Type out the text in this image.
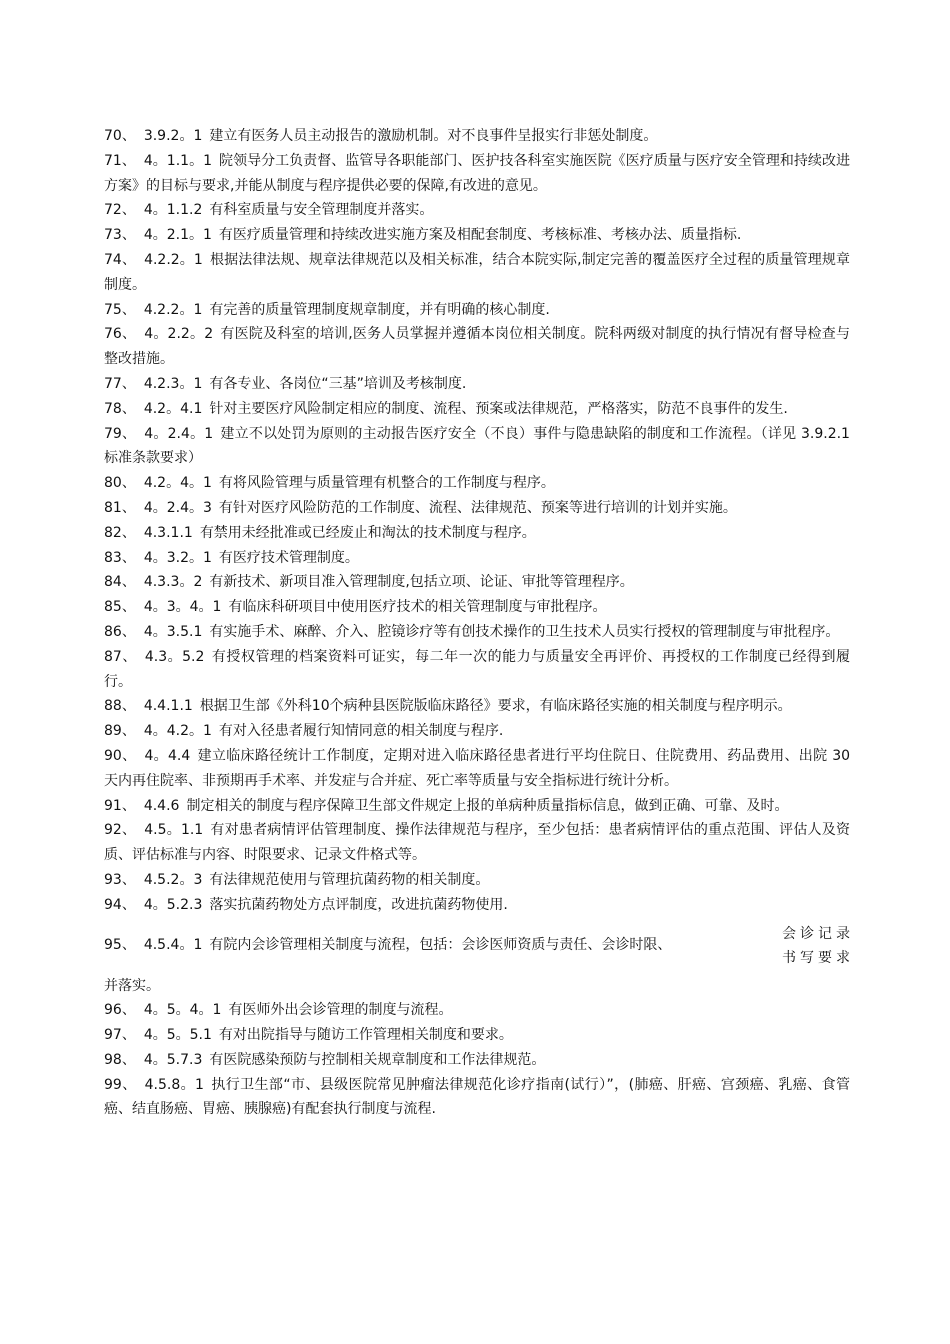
70、 3.9.2。1 建立有医务人员主动报告的激励机制。对不良事件呈报实行非惩处制度。

71、 4。1.1。1 院领导分工负责督、监管导各职能部门、医护技各科室实施医院《医疗质量与医疗安全管理和持续改进方案》的目标与要求,并能从制度与程序提供必要的保障,有改进的意见。

72、 4。1.1.2 有科室质量与安全管理制度并落实。

73、 4。2.1。1 有医疗质量管理和持续改进实施方案及相配套制度、考核标准、考核办法、质量指标.

74、 4.2.2。1 根据法律法规、规章法律规范以及相关标准，结合本院实际,制定完善的覆盖医疗全过程的质量管理规章制度。

75、 4.2.2。1 有完善的质量管理制度规章制度，并有明确的核心制度.

76、 4。2.2。2 有医院及科室的培训,医务人员掌握并遵循本岗位相关制度。院科两级对制度的执行情况有督导检查与整改措施。

77、 4.2.3。1 有各专业、各岗位“三基”培训及考核制度.

78、 4.2。4.1 针对主要医疗风险制定相应的制度、流程、预案或法律规范，严格落实，防范不良事件的发生.

79、 4。2.4。1 建立不以处罚为原则的主动报告医疗安全（不良）事件与隐患缺陷的制度和工作流程。（详见 3.9.2.1 标准条款要求）

80、 4.2。4。1 有将风险管理与质量管理有机整合的工作制度与程序。

81、 4。2.4。3 有针对医疗风险防范的工作制度、流程、法律规范、预案等进行培训的计划并实施。

82、 4.3.1.1 有禁用未经批准或已经废止和淘汰的技术制度与程序。

83、 4。3.2。1 有医疗技术管理制度。

84、 4.3.3。2 有新技术、新项目准入管理制度,包括立项、论证、审批等管理程序。

85、 4。3。4。1 有临床科研项目中使用医疗技术的相关管理制度与审批程序。

86、 4。3.5.1 有实施手术、麻醉、介入、腔镜诊疗等有创技术操作的卫生技术人员实行授权的管理制度与审批程序。

87、 4.3。5.2 有授权管理的档案资料可证实，每二年一次的能力与质量安全再评价、再授权的工作制度已经得到履行。

88、 4.4.1.1 根据卫生部《外科10个病种县医院版临床路径》要求，有临床路径实施的相关制度与程序明示。

89、 4。4.2。1 有对入径患者履行知情同意的相关制度与程序.

90、 4。4.4 建立临床路径统计工作制度，定期对进入临床路径患者进行平均住院日、住院费用、药品费用、出院 30 天内再住院率、非预期再手术率、并发症与合并症、死亡率等质量与安全指标进行统计分析。

91、 4.4.6 制定相关的制度与程序保障卫生部文件规定上报的单病种质量指标信息，做到正确、可靠、及时。

92、 4.5。1.1 有对患者病情评估管理制度、操作法律规范与程序，至少包括：患者病情评估的重点范围、评估人及资质、评估标准与内容、时限要求、记录文件格式等。

93、 4.5.2。3 有法律规范使用与管理抗菌药物的相关制度。

94、 4。5.2.3 落实抗菌药物处方点评制度，改进抗菌药物使用.

95、 4.5.4。1 有院内会诊管理相关制度与流程，包括：会诊医师资质与责任、会诊时限、
会诊记录
书写要求

并落实。

96、 4。5。4。1 有医师外出会诊管理的制度与流程。

97、 4。5。5.1 有对出院指导与随访工作管理相关制度和要求。

98、 4。5.7.3 有医院感染预防与控制相关规章制度和工作法律规范。

99、 4.5.8。1 执行卫生部“市、县级医院常见肿瘤法律规范化诊疗指南(试行）”，(肺癌、肝癌、宫颈癌、乳癌、食管癌、结直肠癌、胃癌、胰腺癌)有配套执行制度与流程.
